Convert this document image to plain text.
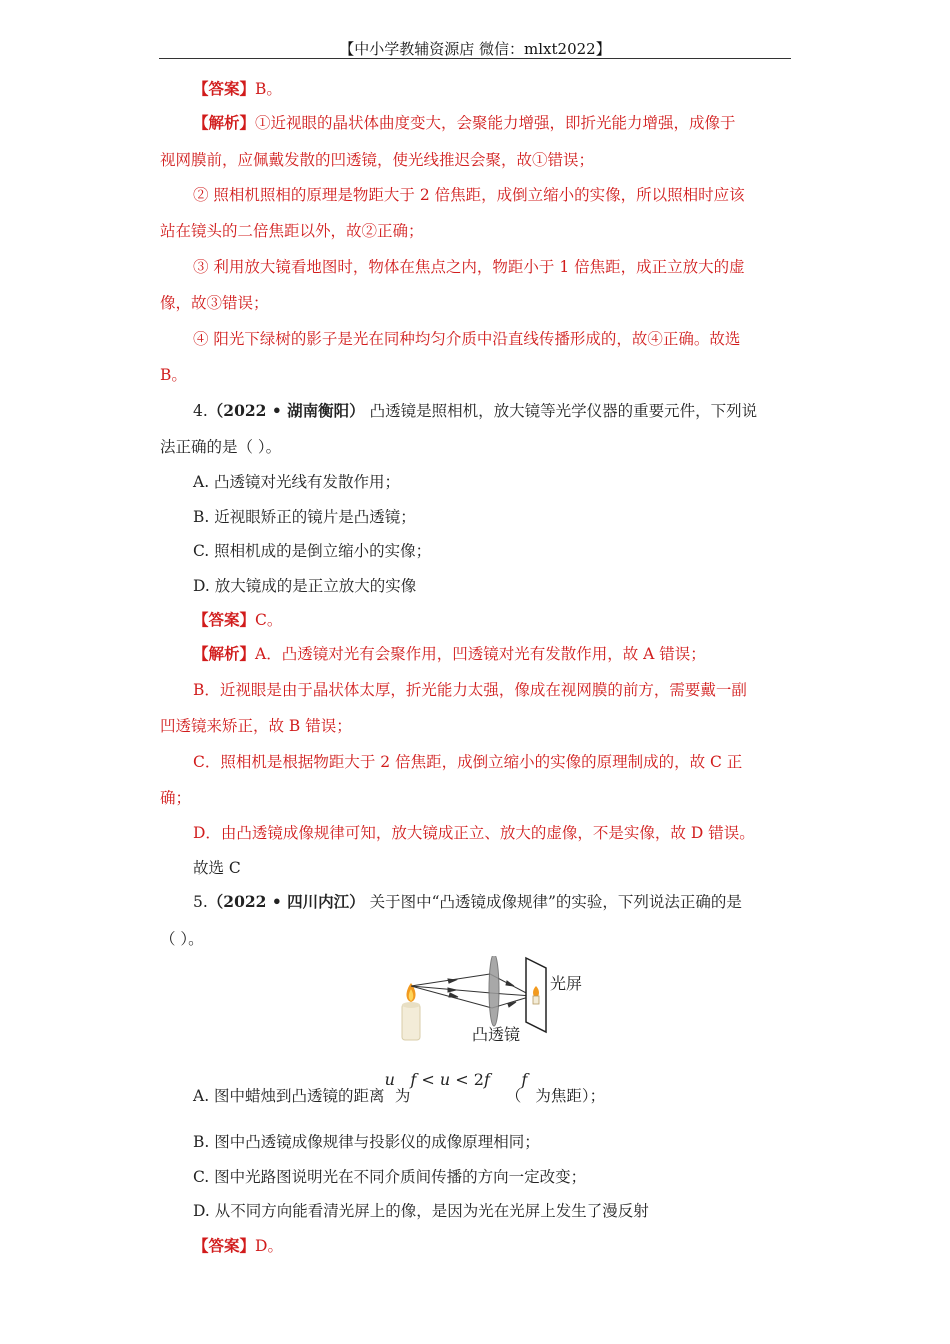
【中小学教辅资源店 微信：mlxt2022】
【答案】B。
【解析】①近视眼的晶状体曲度变大，会聚能力增强，即折光能力增强，成像于
视网膜前，应佩戴发散的凹透镜，使光线推迟会聚，故①错误；
② 照相机照相的原理是物距大于 2 倍焦距，成倒立缩小的实像，所以照相时应该
站在镜头的二倍焦距以外，故②正确；
③ 利用放大镜看地图时，物体在焦点之内，物距小于 1 倍焦距，成正立放大的虚
像，故③错误；
④ 阳光下绿树的影子是光在同种均匀介质中沿直线传播形成的，故④正确。故选
B。
4.（2022 • 湖南衡阳） 凸透镜是照相机，放大镜等光学仪器的重要元件，下列说
法正确的是（ ）。
A. 凸透镜对光线有发散作用；
B. 近视眼矫正的镜片是凸透镜；
C. 照相机成的是倒立缩小的实像；
D. 放大镜成的是正立放大的实像
【答案】C。
【解析】A．凸透镜对光有会聚作用，凹透镜对光有发散作用，故 A 错误；
B．近视眼是由于晶状体太厚，折光能力太强，像成在视网膜的前方，需要戴一副
凹透镜来矫正，故 B 错误；
C．照相机是根据物距大于 2 倍焦距，成倒立缩小的实像的原理制成的，故 C 正
确；
D．由凸透镜成像规律可知，放大镜成正立、放大的虚像，不是实像，故 D 错误。
故选 C
5.（2022 • 四川内江） 关于图中“凸透镜成像规律”的实验，下列说法正确的是
（ ）。
光屏
凸透镜
A. 图中蜡烛到凸透镜的距离u为f < u < 2f（f为焦距）；
B. 图中凸透镜成像规律与投影仪的成像原理相同；
C. 图中光路图说明光在不同介质间传播的方向一定改变；
D. 从不同方向能看清光屏上的像，是因为光在光屏上发生了漫反射
【答案】D。
